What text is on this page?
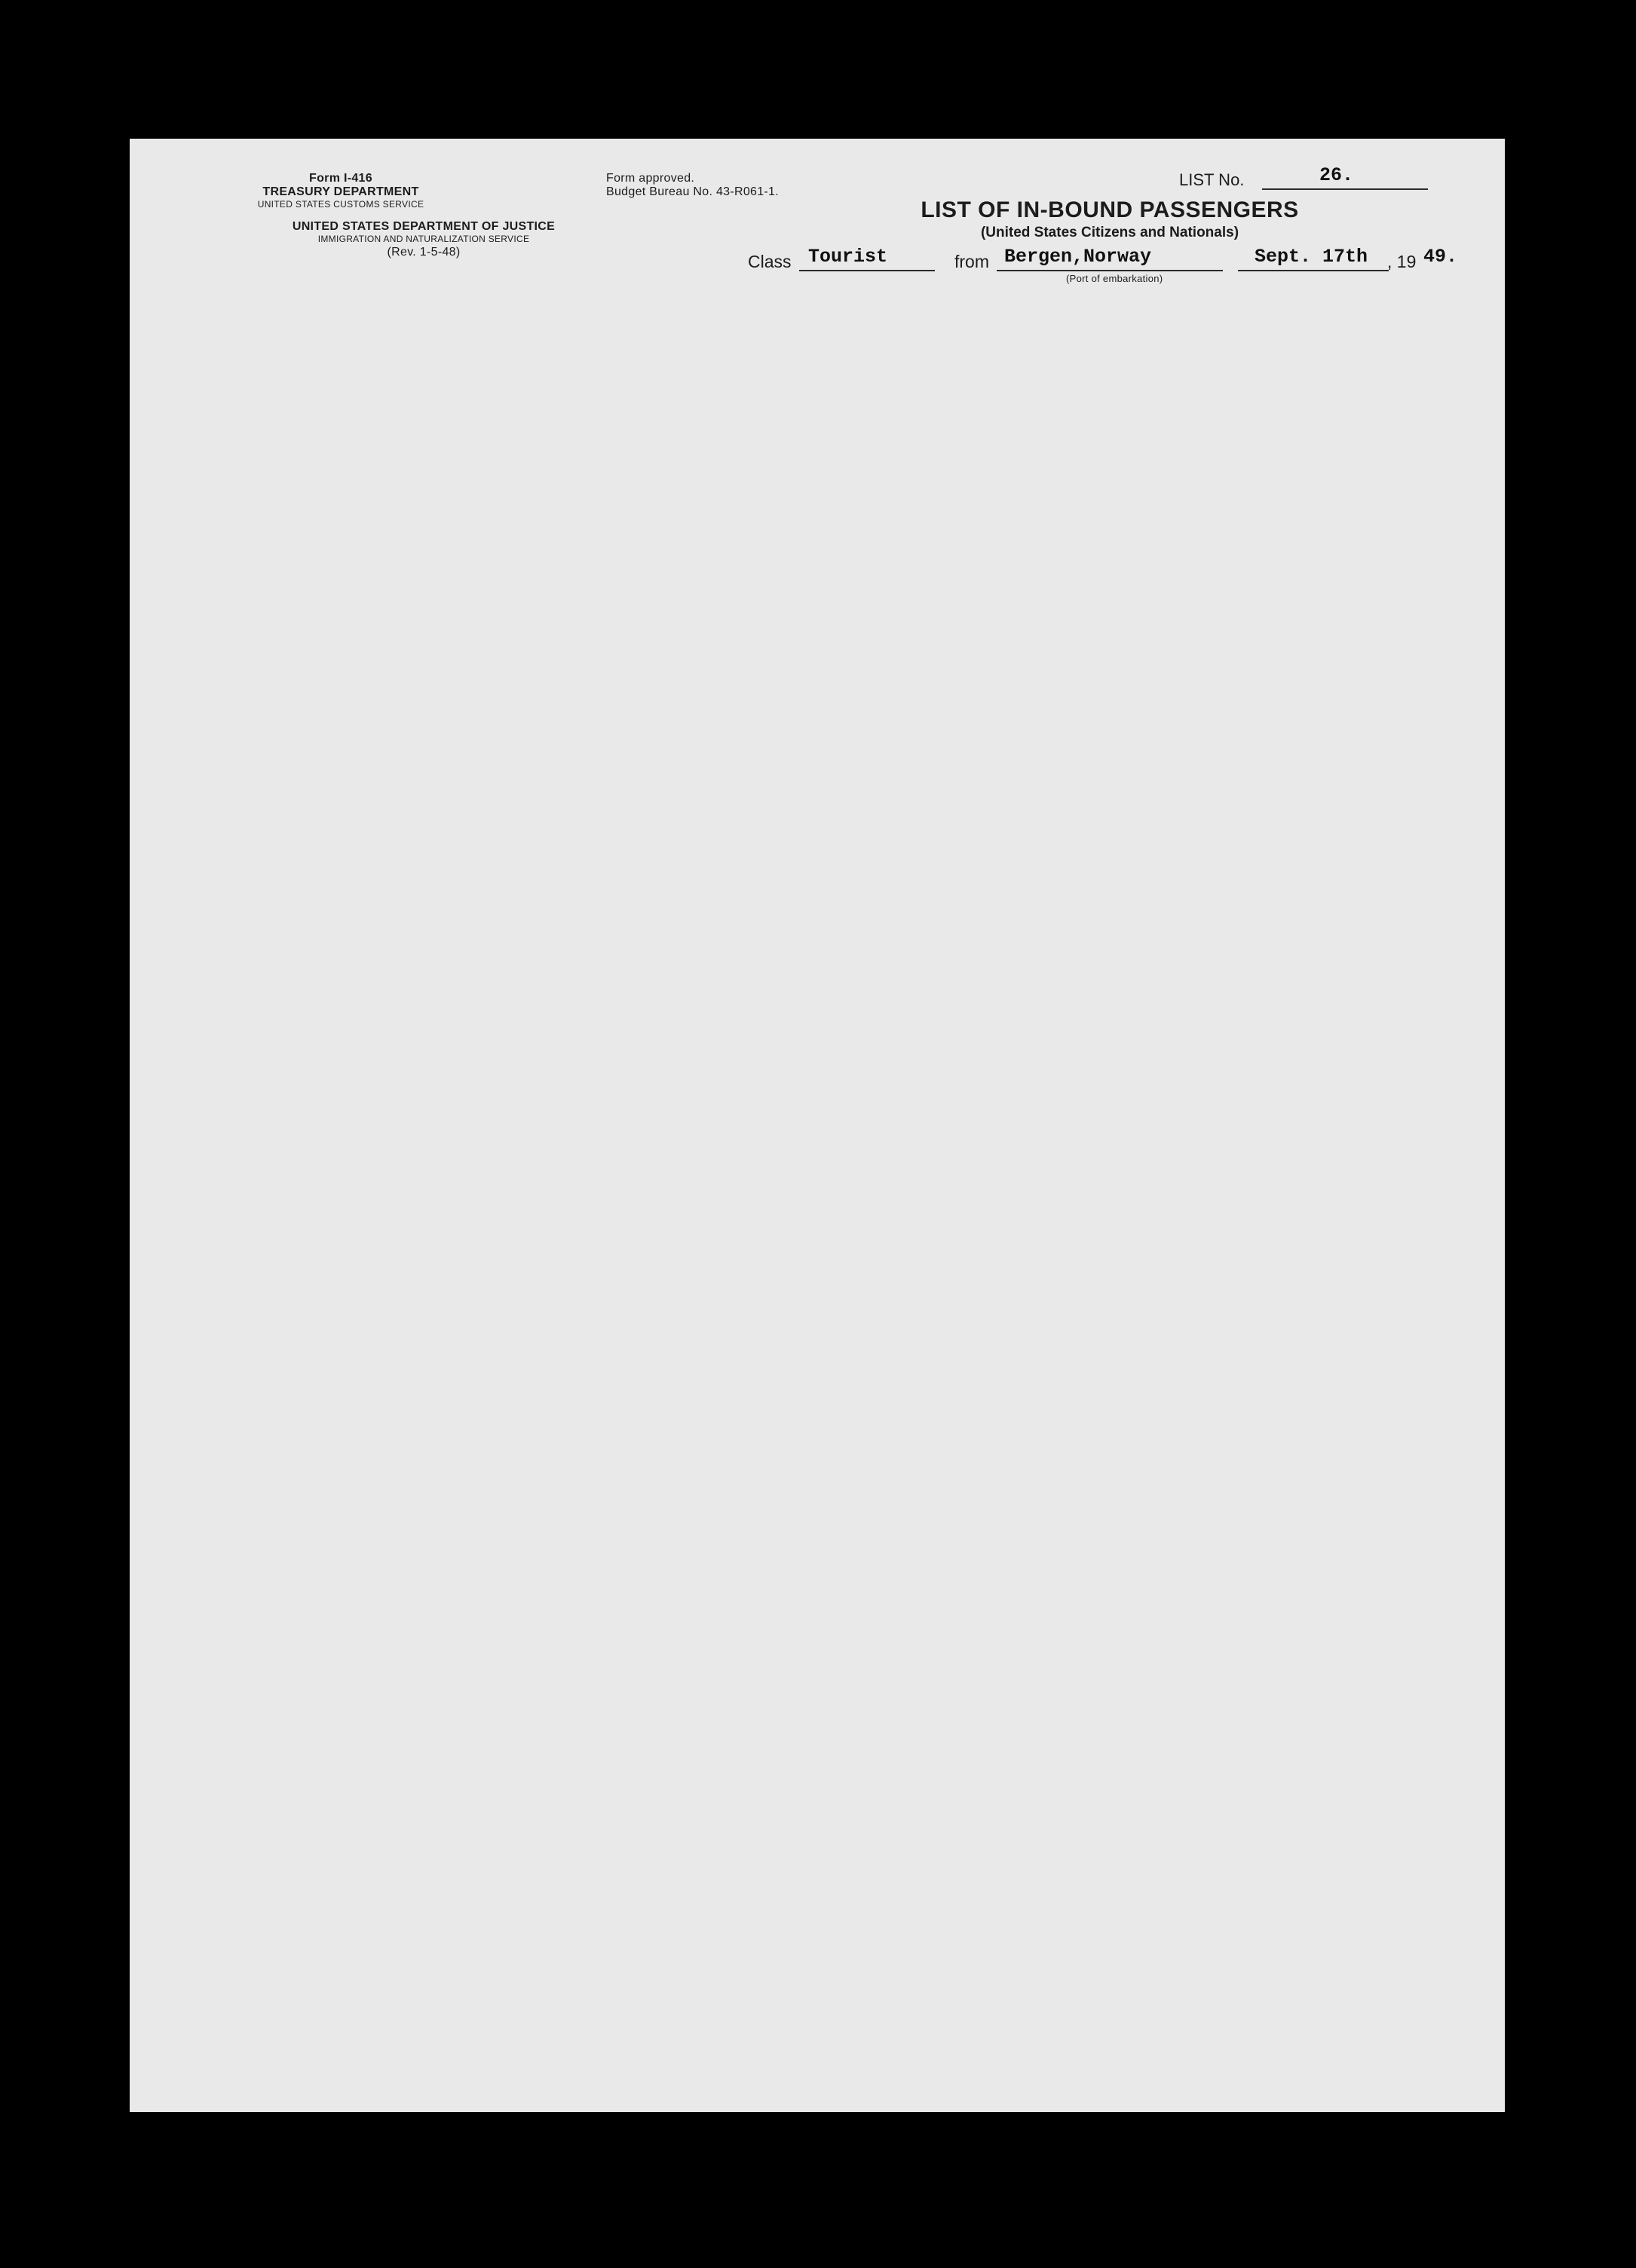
Form I-416
TREASURY DEPARTMENT
UNITED STATES CUSTOMS SERVICE
UNITED STATES DEPARTMENT OF JUSTICE
IMMIGRATION AND NATURALIZATION SERVICE
(Rev. 1-5-48)
Form approved.
Budget Bureau No. 43-R061-1.
LIST No.	26.
LIST OF IN-BOUND PASSENGERS
(United States Citizens and Nationals)
Class Tourist	from Bergen,Norway
(Port of embarkation)
Sept. 17th , 19 49.
